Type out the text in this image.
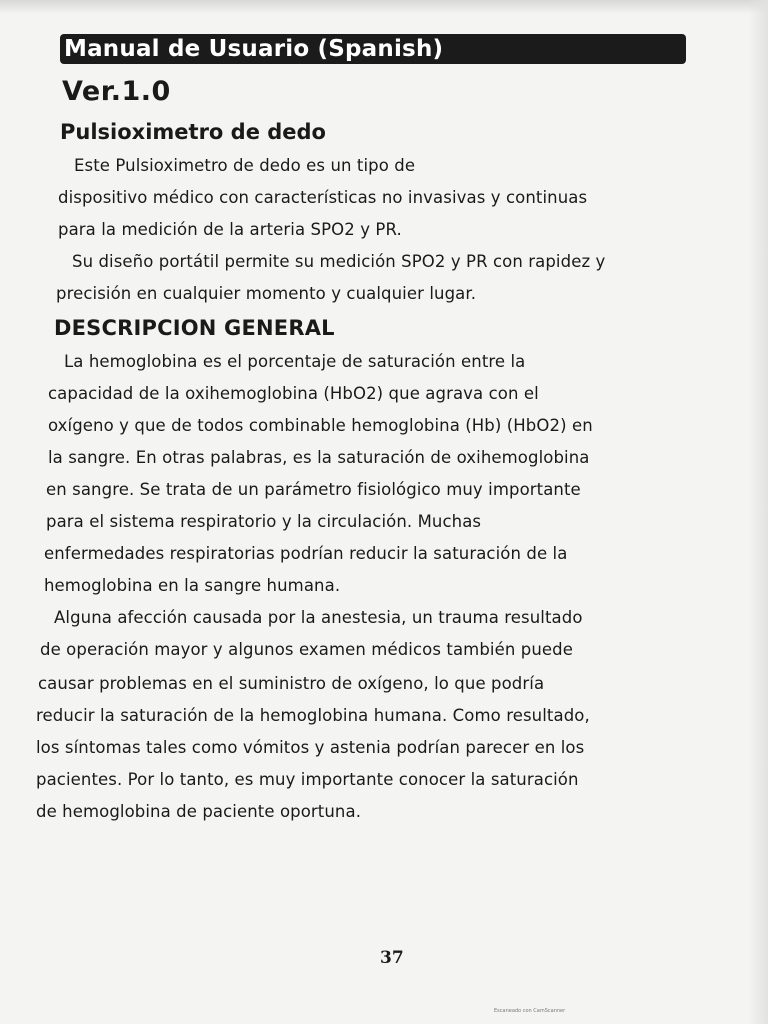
Manual de Usuario (Spanish)
Ver.1.0
Pulsioximetro de dedo
Este Pulsioximetro de dedo es un tipo de
dispositivo médico con características no invasivas y continuas
para la medición de la arteria SPO2 y PR.
Su diseño portátil permite su medición SPO2 y PR con rapidez y
precisión en cualquier momento y cualquier lugar.
DESCRIPCION GENERAL
La hemoglobina es el porcentaje de saturación entre la
capacidad de la oxihemoglobina (HbO2) que agrava con el
oxígeno y que de todos combinable hemoglobina (Hb) (HbO2) en
la sangre. En otras palabras, es la saturación de oxihemoglobina
en sangre. Se trata de un parámetro fisiológico muy importante
para el sistema respiratorio y la circulación. Muchas
enfermedades respiratorias podrían reducir la saturación de la
hemoglobina en la sangre humana.
Alguna afección causada por la anestesia, un trauma resultado
de operación mayor y algunos examen médicos también puede
causar problemas en el suministro de oxígeno, lo que podría
reducir la saturación de la hemoglobina humana. Como resultado,
los síntomas tales como vómitos y astenia podrían parecer en los
pacientes. Por lo tanto, es muy importante conocer la saturación
de hemoglobina de paciente oportuna.
37
Escaneado con CamScanner
